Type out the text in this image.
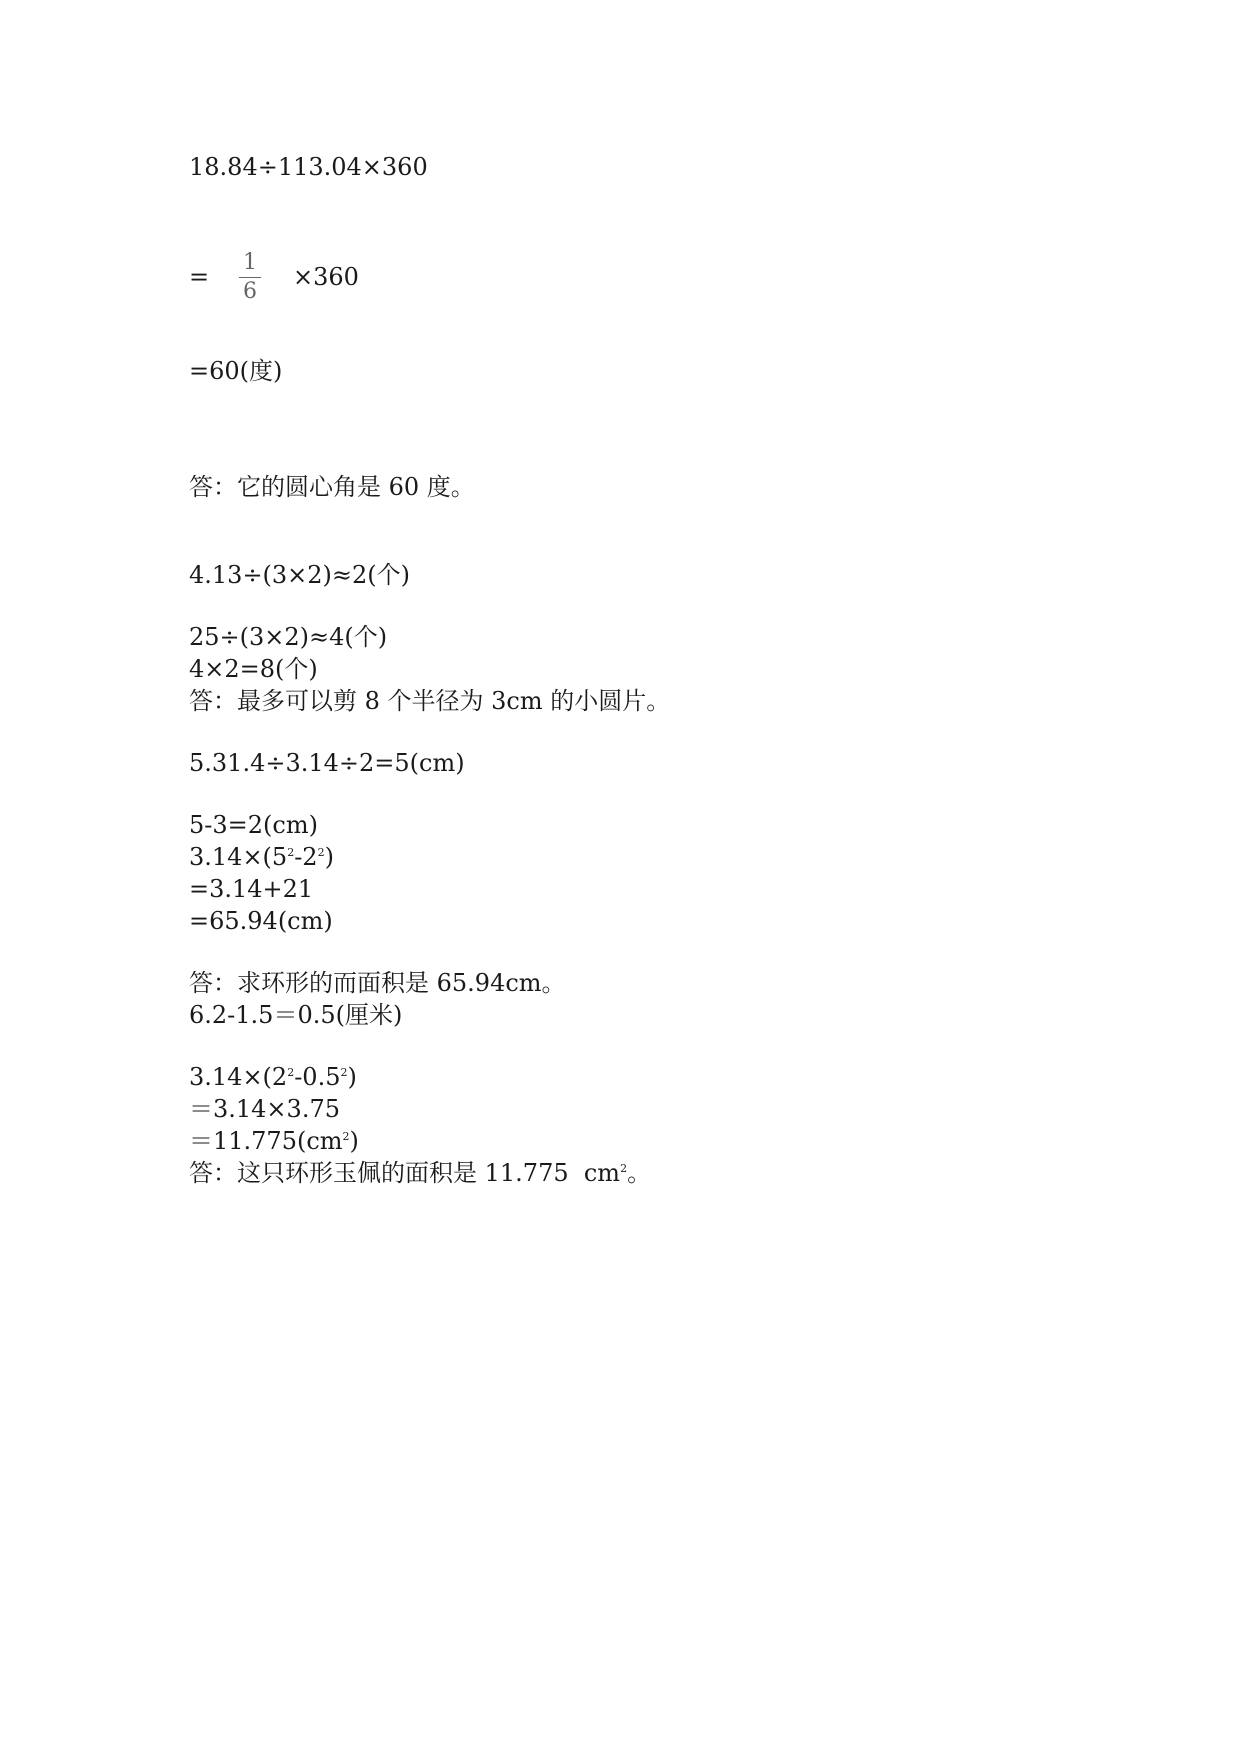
18.84÷113.04×360
=
1
6
×360
=60(度)
答：它的圆心角是 60 度。
4.13÷(3×2)≈2(个)
25÷(3×2)≈4(个)
4×2=8(个)
答：最多可以剪 8 个半径为 3cm 的小圆片。
5.31.4÷3.14÷2=5(cm)
5-3=2(cm)
$3.14\times(5^2-2^2)$
=3.14+21
=65.94(cm)
答：求环形的而面积是 65.94cm。
6.2-1.5＝0.5(厘米)
$3.14\times(2^2-0.5^2)$
＝3.14×3.75
$=11.775(cm^2)$
答：这只环形玉佩的面积是 11.775  $cm^2$。
